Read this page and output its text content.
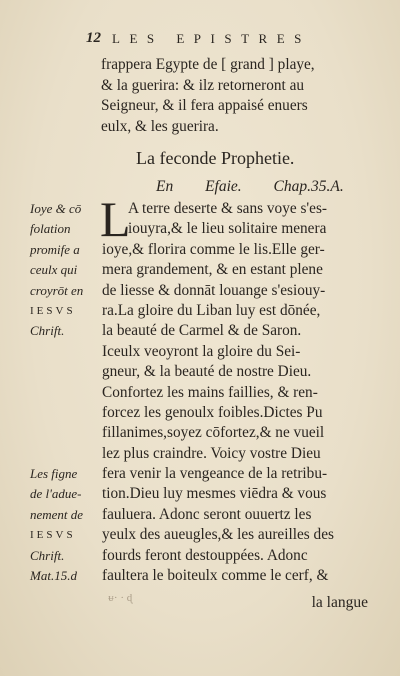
12 LES EPISTRES
frappera Egypte de [ grand ] playe,
& la guerira: & ilz retorneront au
Seigneur, & il fera appaisé enuers
eulx, & les guerira.
La feconde Prophetie.
En Efaie. Chap.35.A.
L
A terre deserte & sans voye s'es-
iouyra,& le lieu solitaire menera
ioye,& florira comme le lis.Elle ger-
mera grandement, & en estant plene
de liesse & donnāt louange s'esiouy-
ra.La gloire du Liban luy est dōnée,
la beauté de Carmel & de Saron.
Iceulx veoyront la gloire du Sei-
gneur, & la beauté de nostre Dieu.
Confortez les mains faillies, & ren-
forcez les genoulx foibles.Dictes Pu
fillanimes,soyez cōfortez,& ne vueil
lez plus craindre. Voicy vostre Dieu
fera venir la vengeance de la retribu-
tion.Dieu luy mesmes viēdra & vous
fauluera. Adonc seront ouuertz les
yeulx des aueugles,& les aureilles des
fourds feront destouppées. Adonc
faultera le boiteulx comme le cerf, &
Ioye & cō
folation
promife a
ceulx qui
croyrōt en
IESVS
Chrift.
Les figne
de l'adue-
nement de
IESVS
Chrift.
Mat.15.d
ᵾ· · ɖ	la langue
